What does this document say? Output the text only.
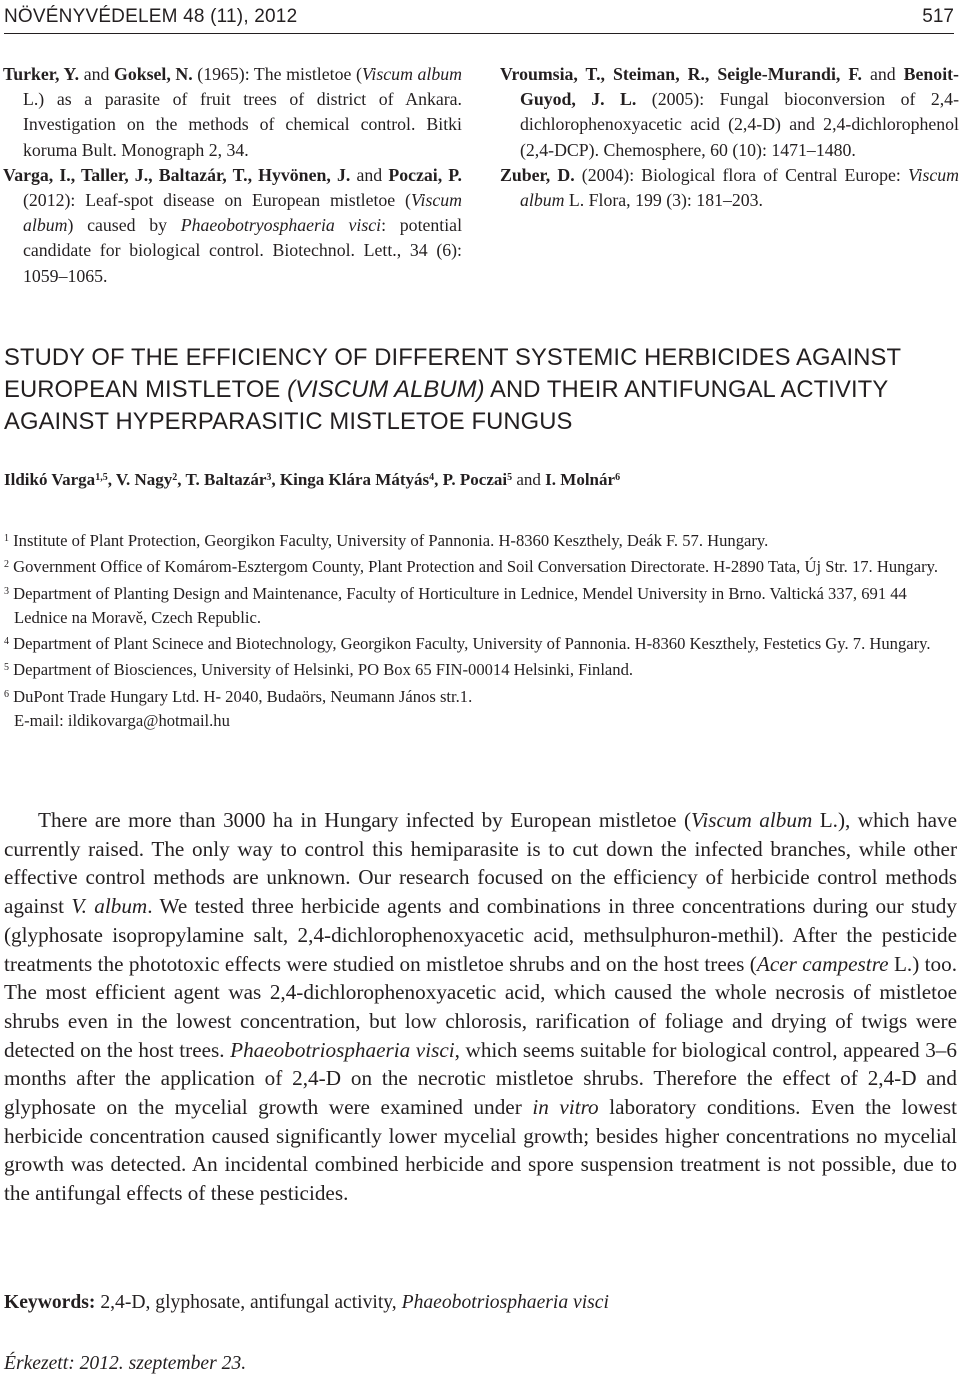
NÖVÉNYVÉDELEM 48 (11), 2012	517

Turker, Y. and Goksel, N. (1965): The mistletoe (Viscum album L.) as a parasite of fruit trees of district of Ankara. Investigation on the methods of chemical control. Bitki koruma Bult. Monograph 2, 34.

Varga, I., Taller, J., Baltazár, T., Hyvönen, J. and Poczai, P. (2012): Leaf-spot disease on European mistletoe (Viscum album) caused by Phaeobotryosphaeria visci: potential candidate for biological control. Biotechnol. Lett., 34 (6): 1059–1065.

Vroumsia, T., Steiman, R., Seigle-Murandi, F. and Benoit-Guyod, J. L. (2005): Fungal bioconversion of 2,4-dichlorophenoxyacetic acid (2,4-D) and 2,4-dichlorophenol (2,4-DCP). Chemosphere, 60 (10): 1471–1480.

Zuber, D. (2004): Biological flora of Central Europe: Viscum album L. Flora, 199 (3): 181–203.

STUDY OF THE EFFICIENCY OF DIFFERENT SYSTEMIC HERBICIDES AGAINST EUROPEAN MISTLETOE (VISCUM ALBUM) AND THEIR ANTIFUNGAL ACTIVITY AGAINST HYPERPARASITIC MISTLETOE FUNGUS
Ildikó Varga$^{1,5}$, V. Nagy$^2$, T. Baltazár$^3$, Kinga Klára Mátyás$^4$, P. Poczai$^5$ and I. Molnár$^6$

$^1$ Institute of Plant Protection, Georgikon Faculty, University of Pannonia. H-8360 Keszthely, Deák F. 57. Hungary.

$^2$ Government Office of Komárom-Esztergom County, Plant Protection and Soil Conversation Directorate. H-2890 Tata, Új Str. 17. Hungary.

$^3$ Department of Planting Design and Maintenance, Faculty of Horticulture in Lednice, Mendel University in Brno. Valtická 337, 691 44 Lednice na Moravě, Czech Republic.

$^4$ Department of Plant Scinece and Biotechnology, Georgikon Faculty, University of Pannonia. H-8360 Keszthely, Festetics Gy. 7. Hungary.

$^5$ Department of Biosciences, University of Helsinki, PO Box 65 FIN-00014 Helsinki, Finland.

$^6$ DuPont Trade Hungary Ltd. H- 2040, Budaörs, Neumann János str.1.

E-mail: ildikovarga@hotmail.hu

There are more than 3000 ha in Hungary infected by European mistletoe (Viscum album L.), which have currently raised. The only way to control this hemiparasite is to cut down the infected branches, while other effective control methods are unknown. Our research focused on the efficiency of herbicide control methods against V. album. We tested three herbicide agents and combinations in three concentrations during our study (glyphosate isopropylamine salt, 2,4-dichlorophenoxyacetic acid, methsulphuron-methil). After the pesticide treatments the phototoxic effects were studied on mistletoe shrubs and on the host trees (Acer campestre L.) too. The most efficient agent was 2,4-dichlorophenoxyacetic acid, which caused the whole necrosis of mistletoe shrubs even in the lowest concentration, but low chlorosis, rarification of foliage and drying of twigs were detected on the host trees. Phaeobotriosphaeria visci, which seems suitable for biological control, appeared 3–6 months after the application of 2,4-D on the necrotic mistletoe shrubs. Therefore the effect of 2,4-D and glyphosate on the mycelial growth were examined under in vitro laboratory conditions. Even the lowest herbicide concentration caused significantly lower mycelial growth; besides higher concentrations no mycelial growth was detected. An incidental combined herbicide and spore suspension treatment is not possible, due to the antifungal effects of these pesticides.

Keywords: 2,4-D, glyphosate, antifungal activity, Phaeobotriosphaeria visci
Érkezett: 2012. szeptember 23.
